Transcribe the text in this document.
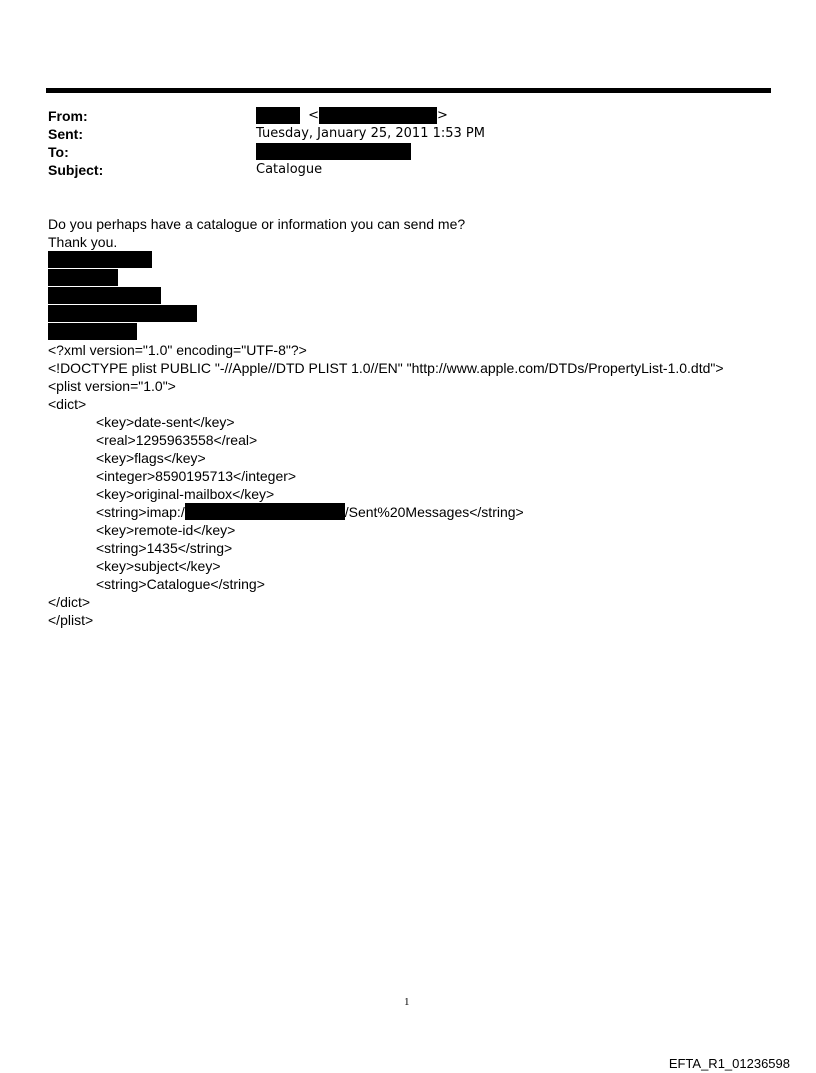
From:	<	>
Sent:	Tuesday, January 25, 2011 1:53 PM
To:
Subject:	Catalogue
Do you perhaps have a catalogue or information you can send me?
Thank you.
<?xml version="1.0" encoding="UTF-8"?>
<!DOCTYPE plist PUBLIC "-//Apple//DTD PLIST 1.0//EN" "http://www.apple.com/DTDs/PropertyList-1.0.dtd">
<plist version="1.0">
<dict>
<key>date-sent</key>
<real>1295963558</real>
<key>flags</key>
<integer>8590195713</integer>
<key>original-mailbox</key>
<string>imap:/	/Sent%20Messages</string>
<key>remote-id</key>
<string>1435</string>
<key>subject</key>
<string>Catalogue</string>
</dict>
</plist>
1
EFTA_R1_01236598
